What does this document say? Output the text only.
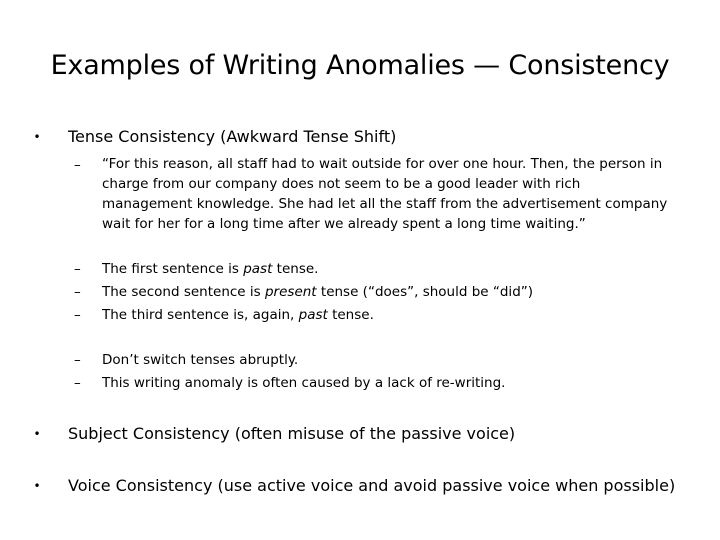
Examples of Writing Anomalies — Consistency
• Tense Consistency (Awkward Tense Shift)
–	“For this reason, all staff had to wait outside for over one hour. Then, the person in charge from our company does not seem to be a good leader with rich management knowledge. She had let all the staff from the advertisement company wait for her for a long time after we already spent a long time waiting.”
–	The first sentence is past tense.
–	The second sentence is present tense (“does”, should be “did”)
–	The third sentence is, again, past tense.
–	Don’t switch tenses abruptly.
–	This writing anomaly is often caused by a lack of re-writing.
• Subject Consistency (often misuse of the passive voice)
• Voice Consistency (use active voice and avoid passive voice when possible)
